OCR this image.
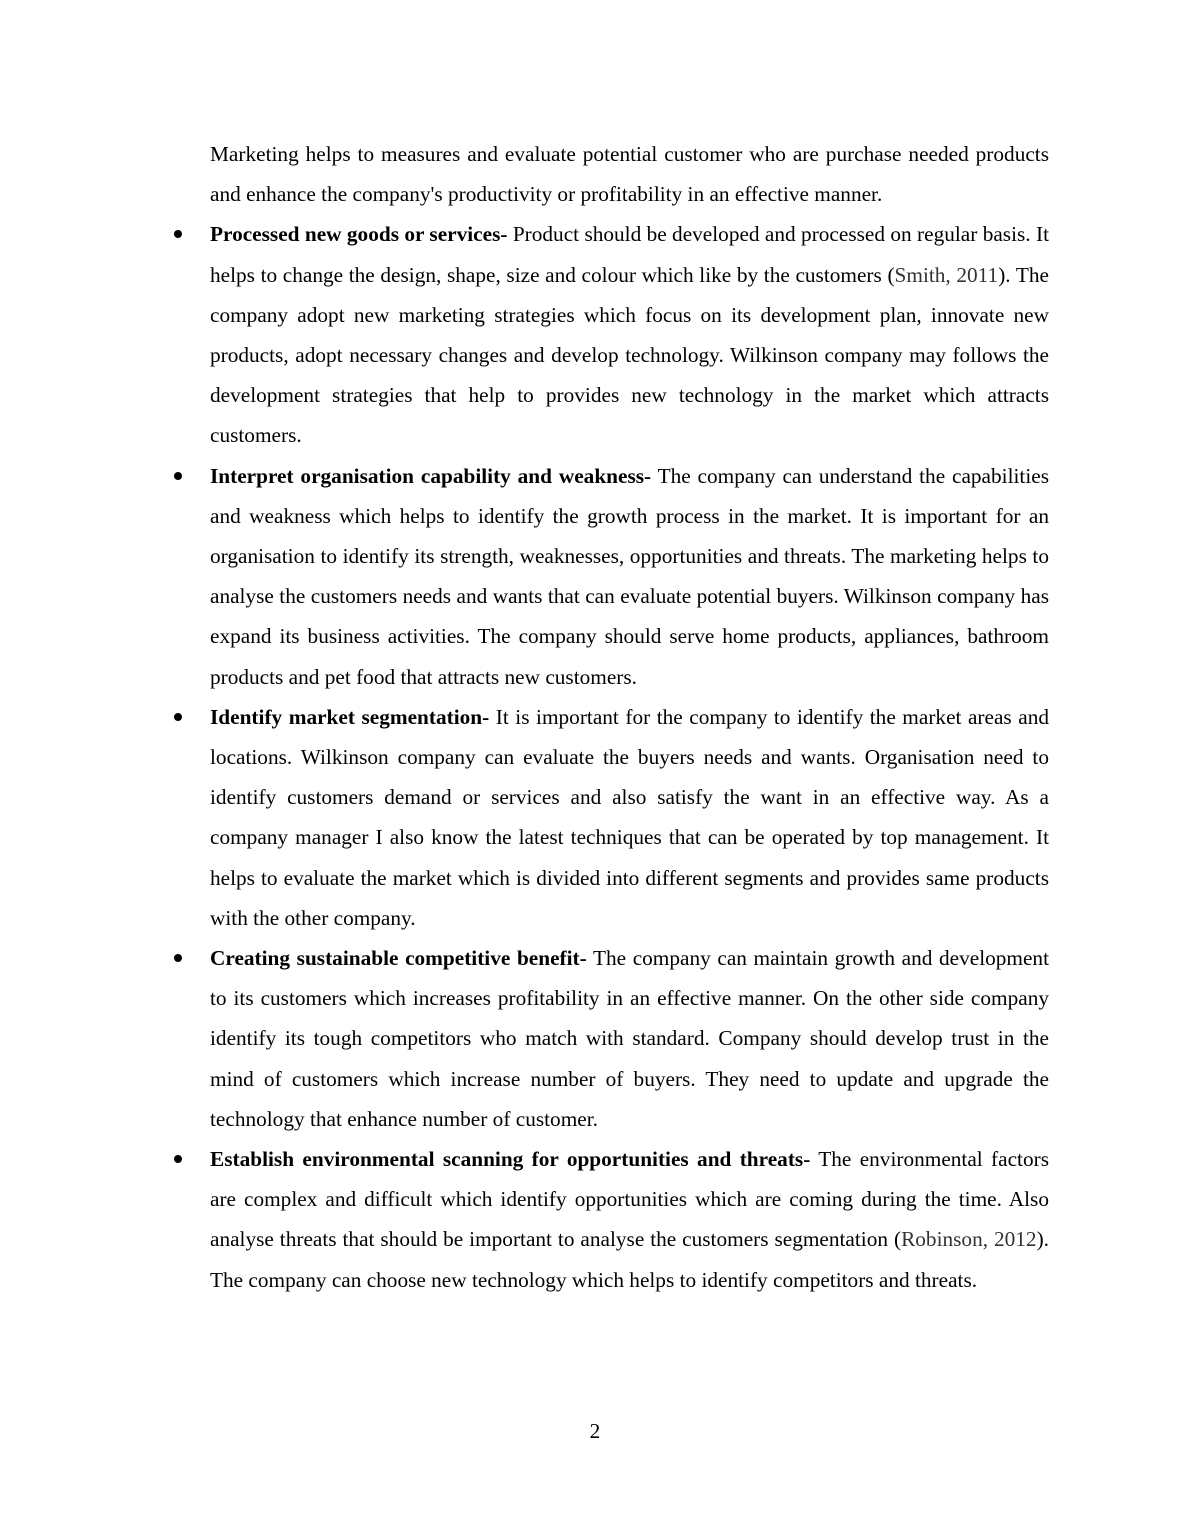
Marketing helps to measures and evaluate potential customer who are purchase needed products and enhance the company's productivity or profitability in an effective manner.

Processed new goods or services- Product should be developed and processed on regular basis. It helps to change the design, shape, size and colour which like by the customers (Smith, 2011). The company adopt new marketing strategies which focus on its development plan, innovate new products, adopt necessary changes and develop technology. Wilkinson company may follows the development strategies that help to provides new technology in the market which attracts customers.
Interpret organisation capability and weakness- The company can understand the capabilities and weakness which helps to identify the growth process in the market. It is important for an organisation to identify its strength, weaknesses, opportunities and threats. The marketing helps to analyse the customers needs and wants that can evaluate potential buyers. Wilkinson company has expand its business activities. The company should serve home products, appliances, bathroom products and pet food that attracts new customers.
Identify market segmentation- It is important for the company to identify the market areas and locations. Wilkinson company can evaluate the buyers needs and wants. Organisation need to identify customers demand or services and also satisfy the want in an effective way. As a company manager I also know the latest techniques that can be operated by top management. It helps to evaluate the market which is divided into different segments and provides same products with the other company.
Creating sustainable competitive benefit- The company can maintain growth and development to its customers which increases profitability in an effective manner. On the other side company identify its tough competitors who match with standard. Company should develop trust in the mind of customers which increase number of buyers. They need to update and upgrade the technology that enhance number of customer.
Establish environmental scanning for opportunities and threats- The environmental factors are complex and difficult which identify opportunities which are coming during the time. Also analyse threats that should be important to analyse the customers segmentation (Robinson, 2012). The company can choose new technology which helps to identify competitors and threats.
2
